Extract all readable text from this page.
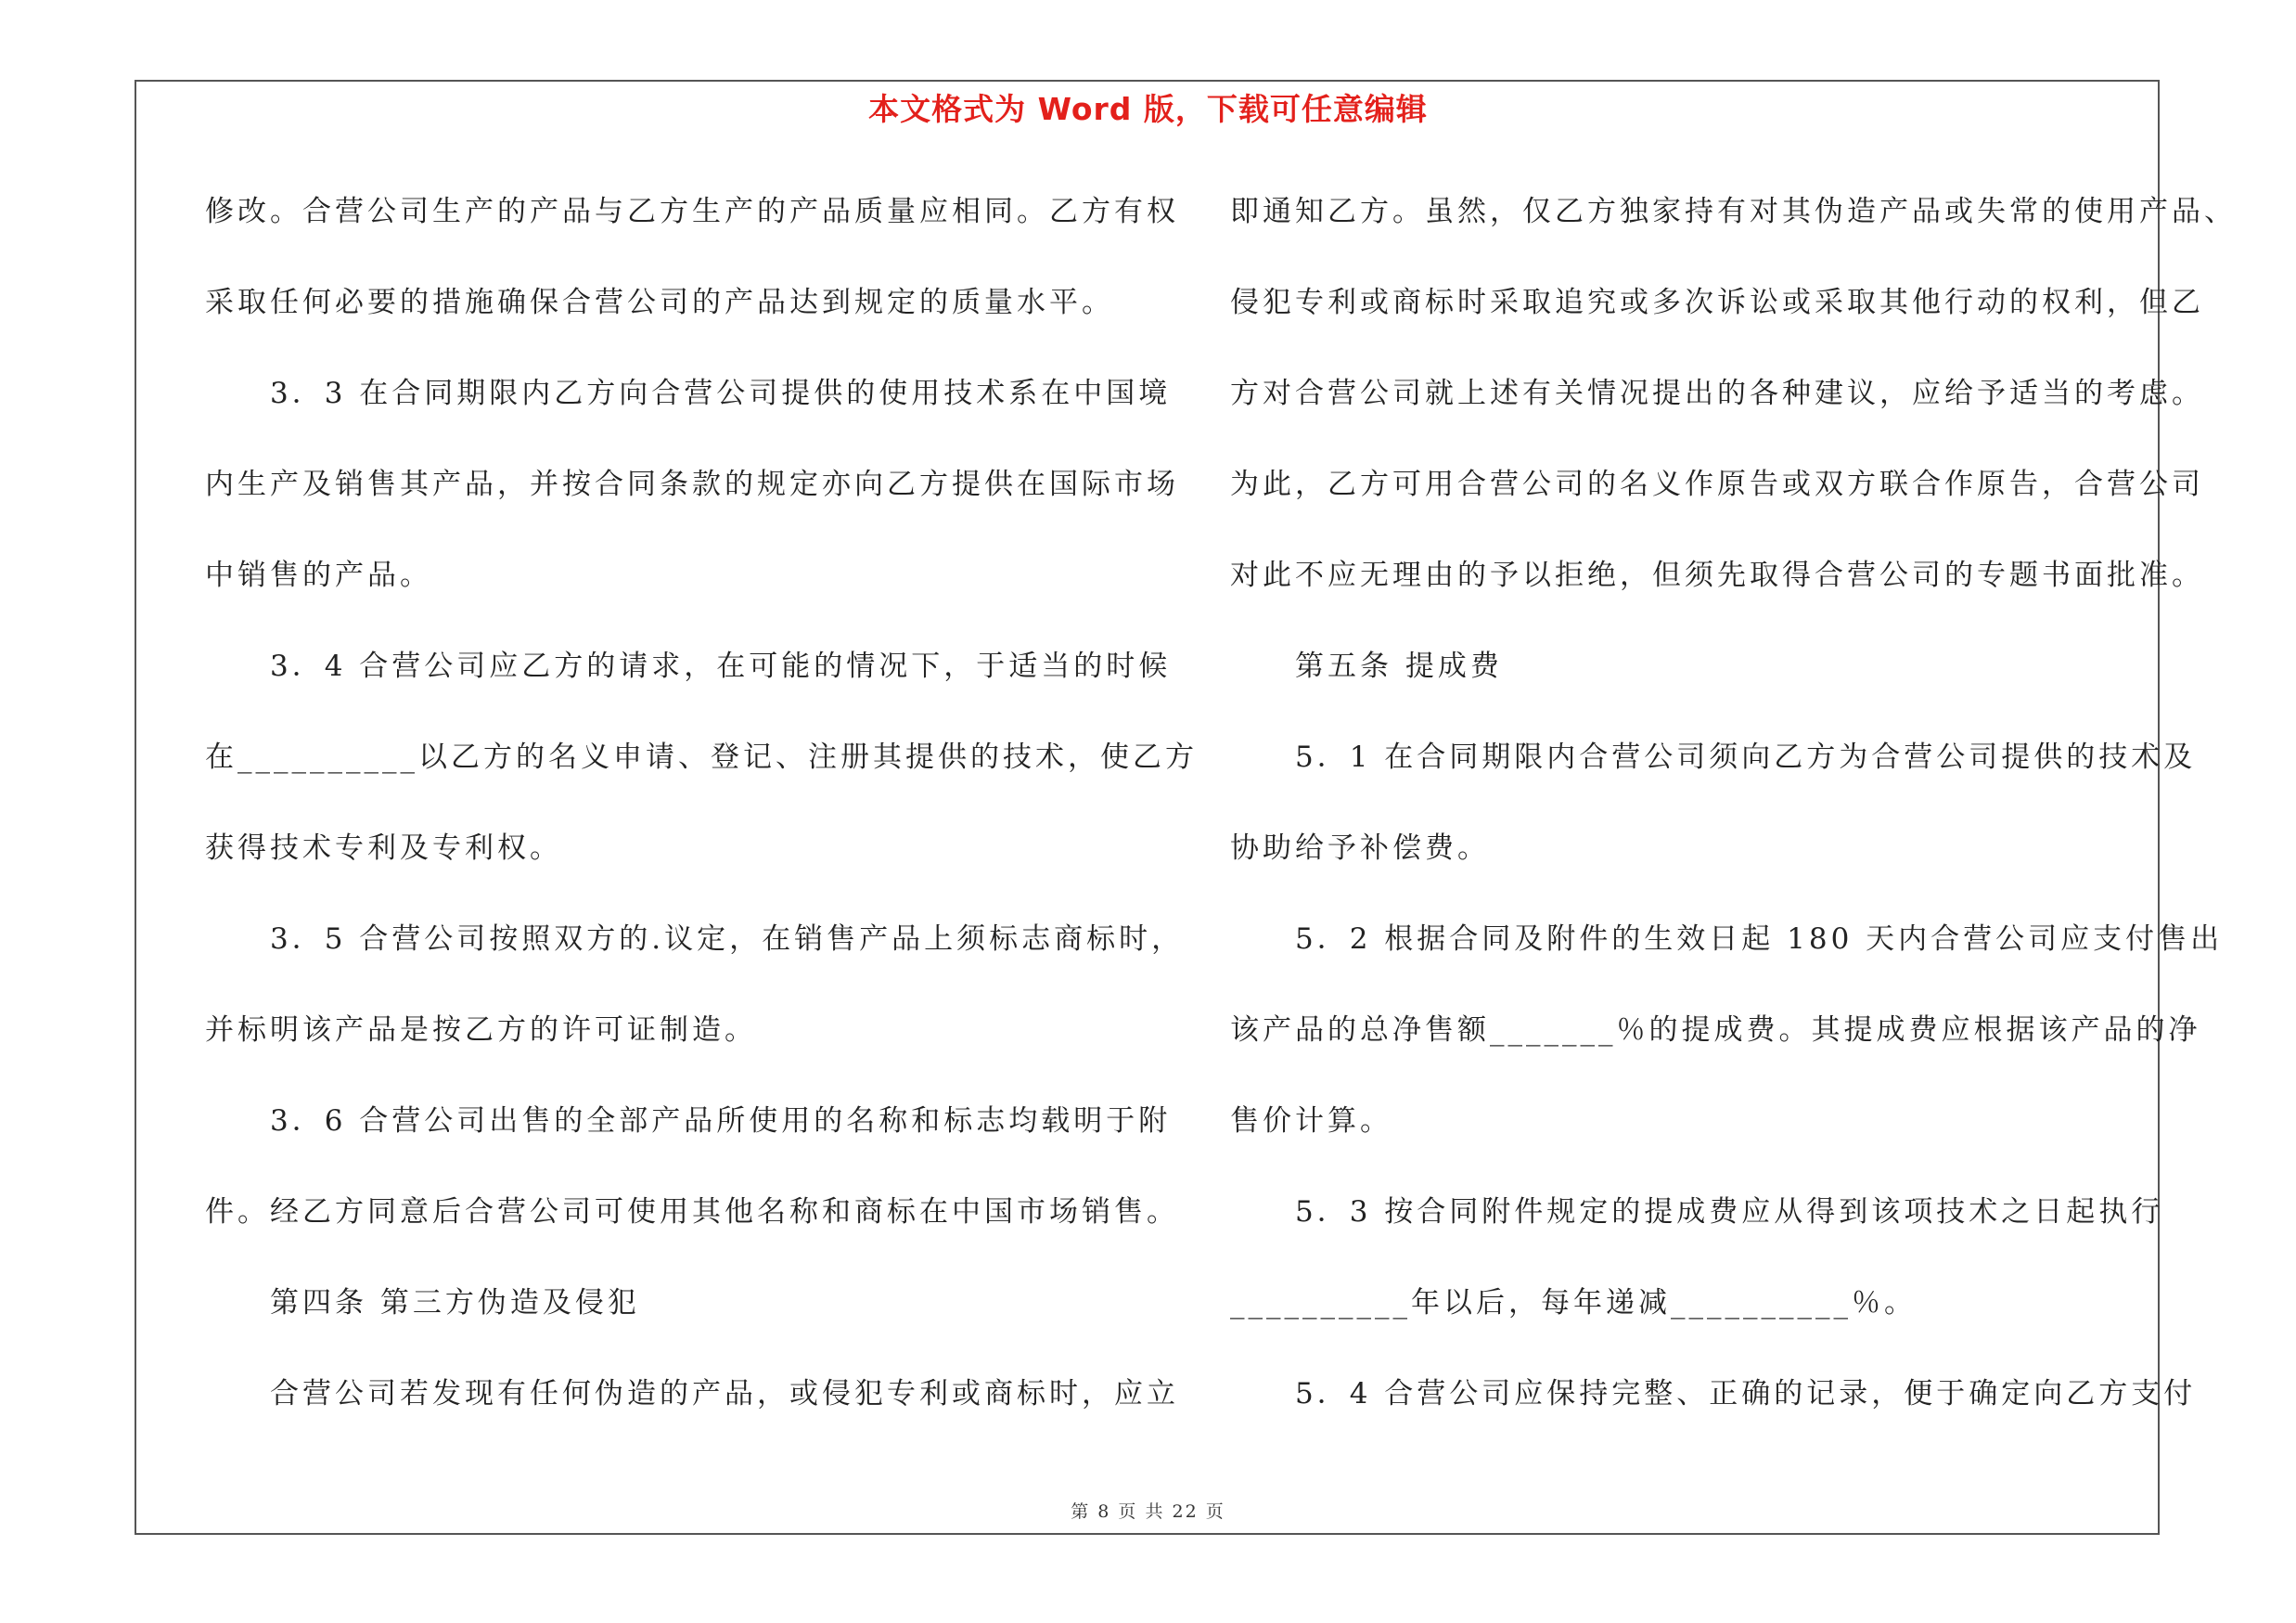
本文格式为 Word 版，下载可任意编辑
修改。合营公司生产的产品与乙方生产的产品质量应相同。乙方有权
采取任何必要的措施确保合营公司的产品达到规定的质量水平。
　　3．3 在合同期限内乙方向合营公司提供的使用技术系在中国境
内生产及销售其产品，并按合同条款的规定亦向乙方提供在国际市场
中销售的产品。
　　3．4 合营公司应乙方的请求，在可能的情况下，于适当的时候
在__________以乙方的名义申请、登记、注册其提供的技术，使乙方
获得技术专利及专利权。
　　3．5 合营公司按照双方的.议定，在销售产品上须标志商标时，
并标明该产品是按乙方的许可证制造。
　　3．6 合营公司出售的全部产品所使用的名称和标志均载明于附
件。经乙方同意后合营公司可使用其他名称和商标在中国市场销售。
　　第四条 第三方伪造及侵犯
　　合营公司若发现有任何伪造的产品，或侵犯专利或商标时，应立
即通知乙方。虽然，仅乙方独家持有对其伪造产品或失常的使用产品、
侵犯专利或商标时采取追究或多次诉讼或采取其他行动的权利，但乙
方对合营公司就上述有关情况提出的各种建议，应给予适当的考虑。
为此，乙方可用合营公司的名义作原告或双方联合作原告，合营公司
对此不应无理由的予以拒绝，但须先取得合营公司的专题书面批准。
　　第五条 提成费
　　5．1 在合同期限内合营公司须向乙方为合营公司提供的技术及
协助给予补偿费。
　　5．2 根据合同及附件的生效日起 180 天内合营公司应支付售出
该产品的总净售额_______％的提成费。其提成费应根据该产品的净
售价计算。
　　5．3 按合同附件规定的提成费应从得到该项技术之日起执行
__________年以后，每年递减__________％。
　　5．4 合营公司应保持完整、正确的记录，便于确定向乙方支付
第 8 页 共 22 页
